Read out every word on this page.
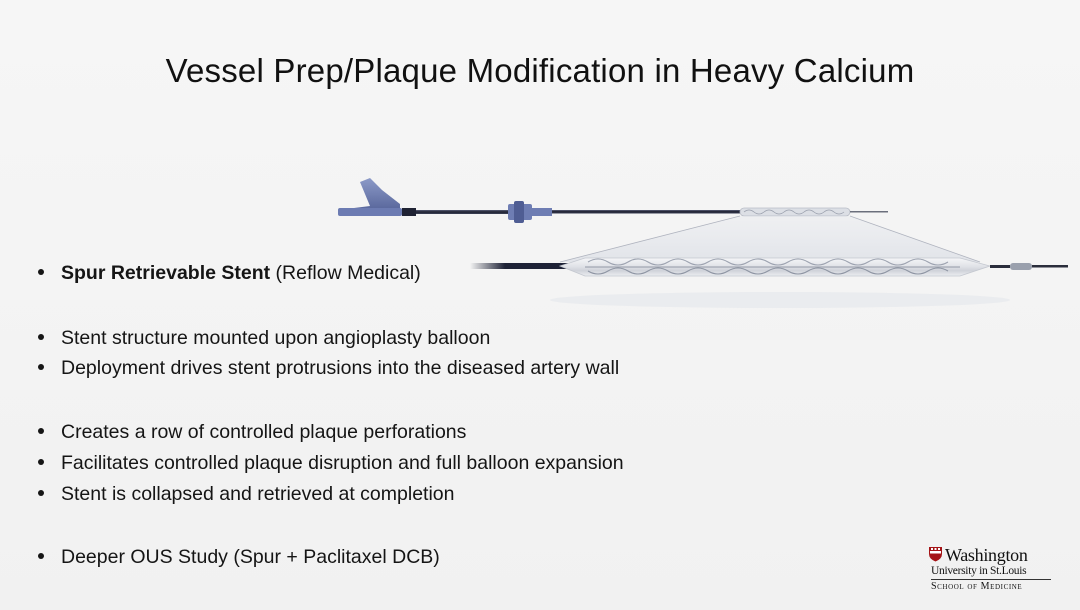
Vessel Prep/Plaque Modification in Heavy Calcium
Spur Retrievable Stent (Reflow Medical)
Stent structure mounted upon angioplasty balloon
Deployment drives stent protrusions into the diseased artery wall
Creates a row of controlled plaque perforations
Facilitates controlled plaque disruption and full balloon expansion
Stent is collapsed and retrieved at completion
Deeper OUS Study (Spur + Paclitaxel DCB)	Washington
University in St.Louis
School of Medicine
